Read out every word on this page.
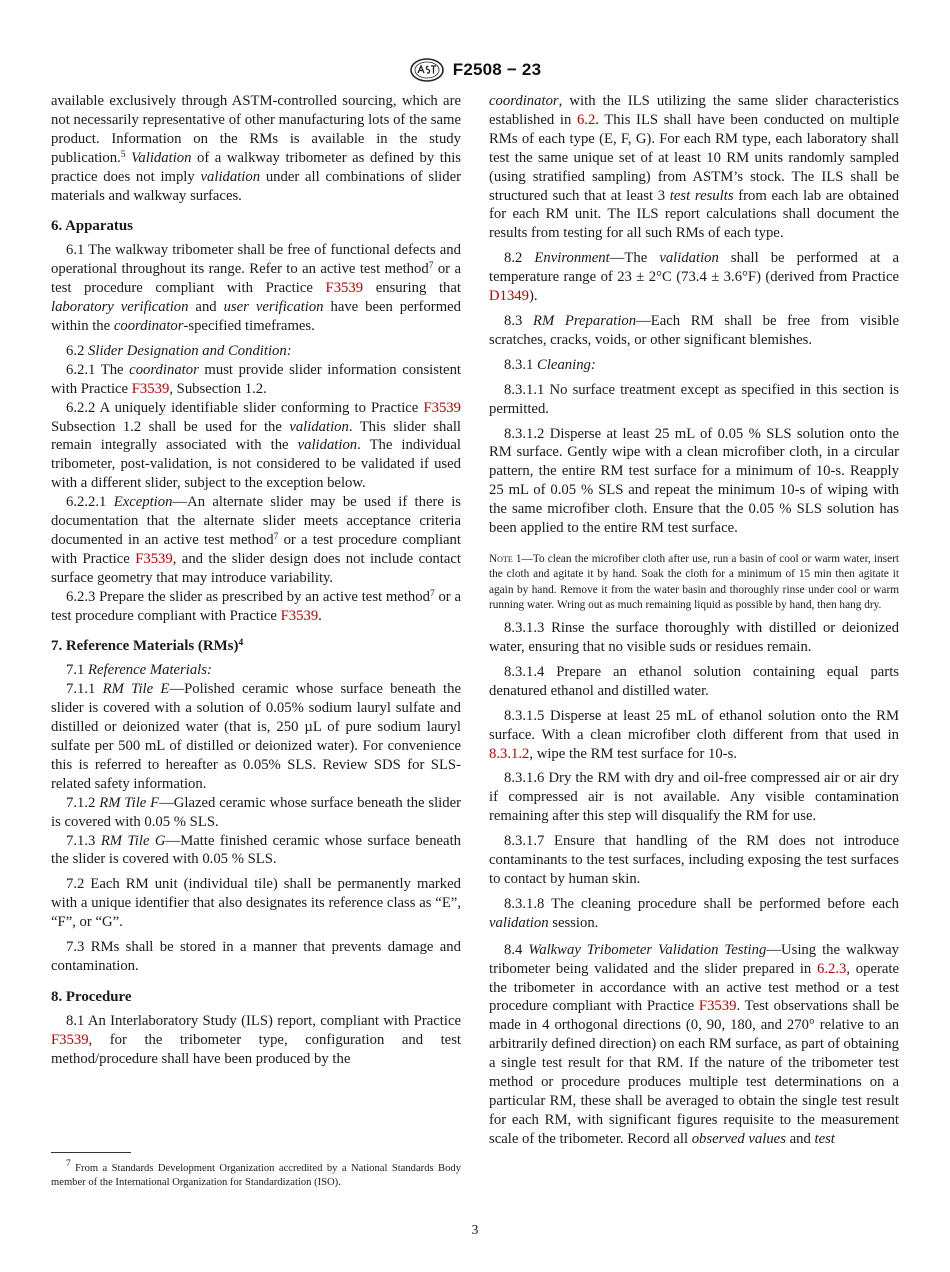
F2508 − 23

available exclusively through ASTM-controlled sourcing, which are not necessarily representative of other manufacturing lots of the same product. Information on the RMs is available in the study publication.$^5$ Validation of a walkway tribometer as defined by this practice does not imply validation under all combinations of slider materials and walkway surfaces.

6. Apparatus

6.1 The walkway tribometer shall be free of functional defects and operational throughout its range. Refer to an active test method$^7$ or a test procedure compliant with Practice F3539 ensuring that laboratory verification and user verification have been performed within the coordinator-specified timeframes.

6.2 Slider Designation and Condition:

6.2.1 The coordinator must provide slider information consistent with Practice F3539, Subsection 1.2.

6.2.2 A uniquely identifiable slider conforming to Practice F3539 Subsection 1.2 shall be used for the validation. This slider shall remain integrally associated with the validation. The individual tribometer, post-validation, is not considered to be validated if used with a different slider, subject to the exception below.

6.2.2.1 Exception—An alternate slider may be used if there is documentation that the alternate slider meets acceptance criteria documented in an active test method$^7$ or a test procedure compliant with Practice F3539, and the slider design does not include contact surface geometry that may introduce variability.

6.2.3 Prepare the slider as prescribed by an active test method$^7$ or a test procedure compliant with Practice F3539.

7. Reference Materials (RMs)$^4$

7.1 Reference Materials:

7.1.1 RM Tile E—Polished ceramic whose surface beneath the slider is covered with a solution of 0.05% sodium lauryl sulfate and distilled or deionized water (that is, 250 µL of pure sodium lauryl sulfate per 500 mL of distilled or deionized water). For convenience this is referred to hereafter as 0.05% SLS. Review SDS for SLS-related safety information.

7.1.2 RM Tile F—Glazed ceramic whose surface beneath the slider is covered with 0.05 % SLS.

7.1.3 RM Tile G—Matte finished ceramic whose surface beneath the slider is covered with 0.05 % SLS.

7.2 Each RM unit (individual tile) shall be permanently marked with a unique identifier that also designates its reference class as “E”, “F”, or “G”.

7.3 RMs shall be stored in a manner that prevents damage and contamination.

8. Procedure

8.1 An Interlaboratory Study (ILS) report, compliant with Practice F3539, for the tribometer type, configuration and test method/procedure shall have been produced by the

coordinator, with the ILS utilizing the same slider characteristics established in 6.2. This ILS shall have been conducted on multiple RMs of each type (E, F, G). For each RM type, each laboratory shall test the same unique set of at least 10 RM units randomly sampled (using stratified sampling) from ASTM’s stock. The ILS shall be structured such that at least 3 test results from each lab are obtained for each RM unit. The ILS report calculations shall document the results from testing for all such RMs of each type.

8.2 Environment—The validation shall be performed at a temperature range of 23 ± 2°C (73.4 ± 3.6°F) (derived from Practice D1349).

8.3 RM Preparation—Each RM shall be free from visible scratches, cracks, voids, or other significant blemishes.

8.3.1 Cleaning:

8.3.1.1 No surface treatment except as specified in this section is permitted.

8.3.1.2 Disperse at least 25 mL of 0.05 % SLS solution onto the RM surface. Gently wipe with a clean microfiber cloth, in a circular pattern, the entire RM test surface for a minimum of 10-s. Reapply 25 mL of 0.05 % SLS and repeat the minimum 10-s of wiping with the same microfiber cloth. Ensure that the 0.05 % SLS solution has been applied to the entire RM test surface.

Note 1—To clean the microfiber cloth after use, run a basin of cool or warm water, insert the cloth and agitate it by hand. Soak the cloth for a minimum of 15 min then agitate it again by hand. Remove it from the water basin and thoroughly rinse under cool or warm running water. Wring out as much remaining liquid as possible by hand, then hang dry.

8.3.1.3 Rinse the surface thoroughly with distilled or deionized water, ensuring that no visible suds or residues remain.

8.3.1.4 Prepare an ethanol solution containing equal parts denatured ethanol and distilled water.

8.3.1.5 Disperse at least 25 mL of ethanol solution onto the RM surface. With a clean microfiber cloth different from that used in 8.3.1.2, wipe the RM test surface for 10-s.

8.3.1.6 Dry the RM with dry and oil-free compressed air or air dry if compressed air is not available. Any visible contamination remaining after this step will disqualify the RM for use.

8.3.1.7 Ensure that handling of the RM does not introduce contaminants to the test surfaces, including exposing the test surfaces to contact by human skin.

8.3.1.8 The cleaning procedure shall be performed before each validation session.

8.4 Walkway Tribometer Validation Testing—Using the walkway tribometer being validated and the slider prepared in 6.2.3, operate the tribometer in accordance with an active test method or a test procedure compliant with Practice F3539. Test observations shall be made in 4 orthogonal directions (0, 90, 180, and 270° relative to an arbitrarily defined direction) on each RM surface, as part of obtaining a single test result for that RM. If the nature of the tribometer test method or procedure produces multiple test determinations on a particular RM, these shall be averaged to obtain the single test result for each RM, with significant figures requisite to the measurement scale of the tribometer. Record all observed values and test

$^7$ From a Standards Development Organization accredited by a National Standards Body member of the International Organization for Standardization (ISO).

3
